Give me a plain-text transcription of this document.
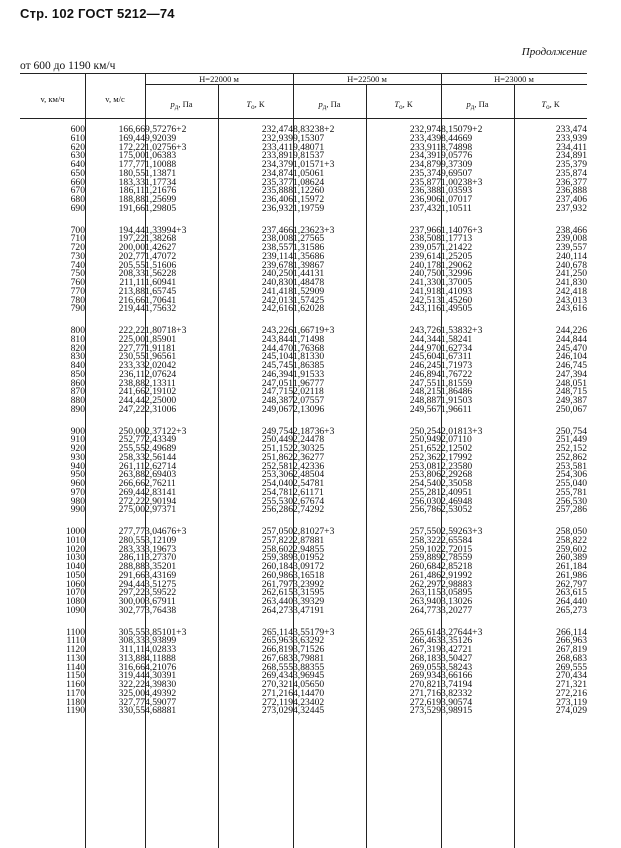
Стр. 102 ГОСТ 5212—74
Продолжение
от 600 до 1190 км/ч
v, км/ч	v, м/с
H=22000 м	H=22500 м	H=23000 м
$p_д$, Па	$T_о$, К	$p_д$, Па	$T_о$, К	$p_д$, Па	$T_о$, К
600	166,66	9,57276+2	232,474	8,83238+2	232,974	8,15079+2	233,474
610	169,44	9,92039	232,939	9,15307	233,439	8,44669	233,939
620	172,22	1,02756+3	233,411	9,48071	233,911	8,74898	234,411
630	175,00	1,06383	233,891	9,81537	234,391	9,05776	234,891
640	177,77	1,10088	234,379	1,01571+3	234,879	9,37309	235,379
650	180,55	1,13871	234,874	1,05061	235,374	9,69507	235,874
660	183,33	1,17734	235,377	1,08624	235,877	1,00238+3	236,377
670	186,11	1,21676	235,888	1,12260	236,388	1,03593	236,888
680	188,88	1,25699	236,406	1,15972	236,906	1,07017	237,406
690	191,66	1,29805	236,932	1,19759	237,432	1,10511	237,932

700	194,44	1,33994+3	237,466	1,23623+3	237,966	1,14076+3	238,466
710	197,22	1,38268	238,008	1,27565	238,508	1,17713	239,008
720	200,00	1,42627	238,557	1,31586	239,057	1,21422	239,557
730	202,77	1,47072	239,114	1,35686	239,614	1,25205	240,114
740	205,55	1,51606	239,678	1,39867	240,178	1,29062	240,678
750	208,33	1,56228	240,250	1,44131	240,750	1,32996	241,250
760	211,11	1,60941	240,830	1,48478	241,330	1,37005	241,830
770	213,88	1,65745	241,418	1,52909	241,918	1,41093	242,418
780	216,66	1,70641	242,013	1,57425	242,513	1,45260	243,013
790	219,44	1,75632	242,616	1,62028	243,116	1,49505	243,616

800	222,22	1,80718+3	243,226	1,66719+3	243,726	1,53832+3	244,226
810	225,00	1,85901	243,844	1,71498	244,344	1,58241	244,844
820	227,77	1,91181	244,470	1,76368	244,970	1,62734	245,470
830	230,55	1,96561	245,104	1,81330	245,604	1,67311	246,104
840	233,33	2,02042	245,745	1,86385	246,245	1,71973	246,745
850	236,11	2,07624	246,394	1,91533	246,894	1,76722	247,394
860	238,88	2,13311	247,051	1,96777	247,551	1,81559	248,051
870	241,66	2,19102	247,715	2,02118	248,215	1,86486	248,715
880	244,44	2,25000	248,387	2,07557	248,887	1,91503	249,387
890	247,22	2,31006	249,067	2,13096	249,567	1,96611	250,067

900	250,00	2,37122+3	249,754	2,18736+3	250,254	2,01813+3	250,754
910	252,77	2,43349	250,449	2,24478	250,949	2,07110	251,449
920	255,55	2,49689	251,152	2,30325	251,652	2,12502	252,152
930	258,33	2,56144	251,862	2,36277	252,362	2,17992	252,862
940	261,11	2,62714	252,581	2,42336	253,081	2,23580	253,581
950	263,88	2,69403	253,306	2,48504	253,806	2,29268	254,306
960	266,66	2,76211	254,040	2,54781	254,540	2,35058	255,040
970	269,44	2,83141	254,781	2,61171	255,281	2,40951	255,781
980	272,22	2,90194	255,530	2,67674	256,030	2,46948	256,530
990	275,00	2,97371	256,286	2,74292	256,786	2,53052	257,286

1000	277,77	3,04676+3	257,050	2,81027+3	257,550	2,59263+3	258,050
1010	280,55	3,12109	257,822	2,87881	258,322	2,65584	258,822
1020	283,33	3,19673	258,602	2,94855	259,102	2,72015	259,602
1030	286,11	3,27370	259,389	3,01952	259,889	2,78559	260,389
1040	288,88	3,35201	260,184	3,09172	260,684	2,85218	261,184
1050	291,66	3,43169	260,986	3,16518	261,486	2,91992	261,986
1060	294,44	3,51275	261,797	3,23992	262,297	2,98883	262,797
1070	297,22	3,59522	262,615	3,31595	263,115	3,05895	263,615
1080	300,00	3,67911	263,440	3,39329	263,940	3,13026	264,440
1090	302,77	3,76438	264,273	3,47191	264,773	3,20277	265,273

1100	305,55	3,85101+3	265,114	3,55179+3	265,614	3,27644+3	266,114
1110	308,33	3,93899	265,963	3,63292	266,463	3,35126	266,963
1120	311,11	4,02833	266,819	3,71526	267,319	3,42721	267,819
1130	313,88	4,11888	267,683	3,79881	268,183	3,50427	268,683
1140	316,66	4,21076	268,555	3,88355	269,055	3,58243	269,555
1150	319,44	4,30391	269,434	3,96945	269,934	3,66166	270,434
1160	322,22	4,39830	270,321	4,05650	270,821	3,74194	271,321
1170	325,00	4,49392	271,216	4,14470	271,716	3,82332	272,216
1180	327,77	4,59077	272,119	4,23402	272,619	3,90574	273,119
1190	330,55	4,68881	273,029	4,32445	273,529	3,98915	274,029
